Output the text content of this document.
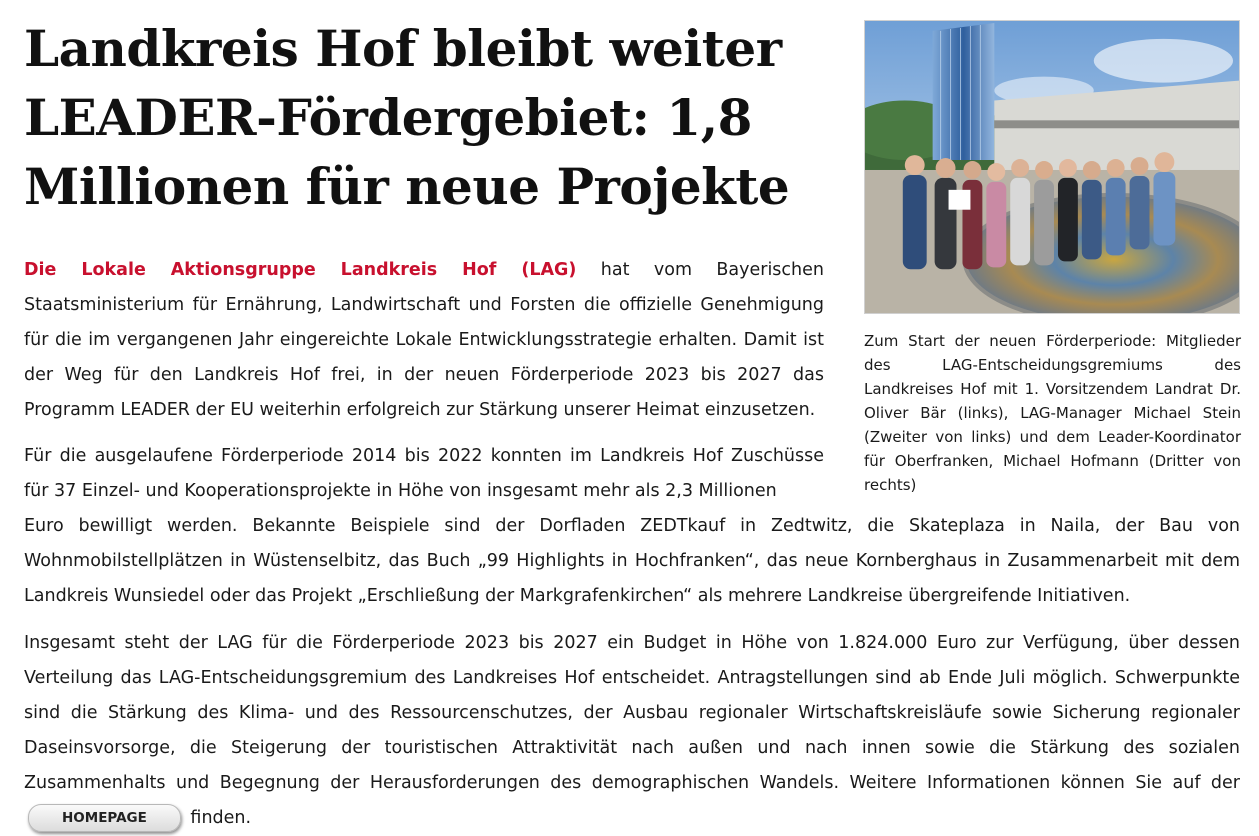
Landkreis Hof bleibt weiter LEADER-Fördergebiet: 1,8 Millionen für neue Projekte

Zum Start der neuen Förderperiode: Mitglieder des LAG-Entscheidungsgremiums des Landkreises Hof mit 1. Vorsitzendem Landrat Dr. Oliver Bär (links), LAG-Manager Michael Stein (Zweiter von links) und dem Leader-Koordinator für Oberfranken, Michael Hofmann (Dritter von rechts)

Die Lokale Aktionsgruppe Landkreis Hof (LAG) hat vom Bayerischen Staatsministerium für Ernährung, Landwirtschaft und Forsten die offizielle Genehmigung für die im vergangenen Jahr eingereichte Lokale Entwicklungsstrategie erhalten. Damit ist der Weg für den Landkreis Hof frei, in der neuen Förderperiode 2023 bis 2027 das Programm LEADER der EU weiterhin erfolgreich zur Stärkung unserer Heimat einzusetzen.

Für die ausgelaufene Förderperiode 2014 bis 2022 konnten im Landkreis Hof Zuschüsse für 37 Einzel- und Kooperationsprojekte in Höhe von insgesamt mehr als 2,3 Millionen

Euro bewilligt werden. Bekannte Beispiele sind der Dorfladen ZEDTkauf in Zedtwitz, die Skateplaza in Naila, der Bau von Wohnmobilstellplätzen in Wüstenselbitz, das Buch „99 Highlights in Hochfranken“, das neue Kornberghaus in Zusammenarbeit mit dem Landkreis Wunsiedel oder das Projekt „Erschließung der Markgrafenkirchen“ als mehrere Landkreise übergreifende Initiativen.

Insgesamt steht der LAG für die Förderperiode 2023 bis 2027 ein Budget in Höhe von 1.824.000 Euro zur Verfügung, über dessen Verteilung das LAG-Entscheidungsgremium des Landkreises Hof entscheidet. Antragstellungen sind ab Ende Juli möglich. Schwerpunkte sind die Stärkung des Klima- und des Ressourcenschutzes, der Ausbau regionaler Wirtschaftskreisläufe sowie Sicherung regionaler Daseinsvorsorge, die Steigerung der touristischen Attraktivität nach außen und nach innen sowie die Stärkung des sozialen Zusammenhalts und Begegnung der Herausforderungen des demographischen Wandels. Weitere Informationen können Sie auf der HOMEPAGE finden.
